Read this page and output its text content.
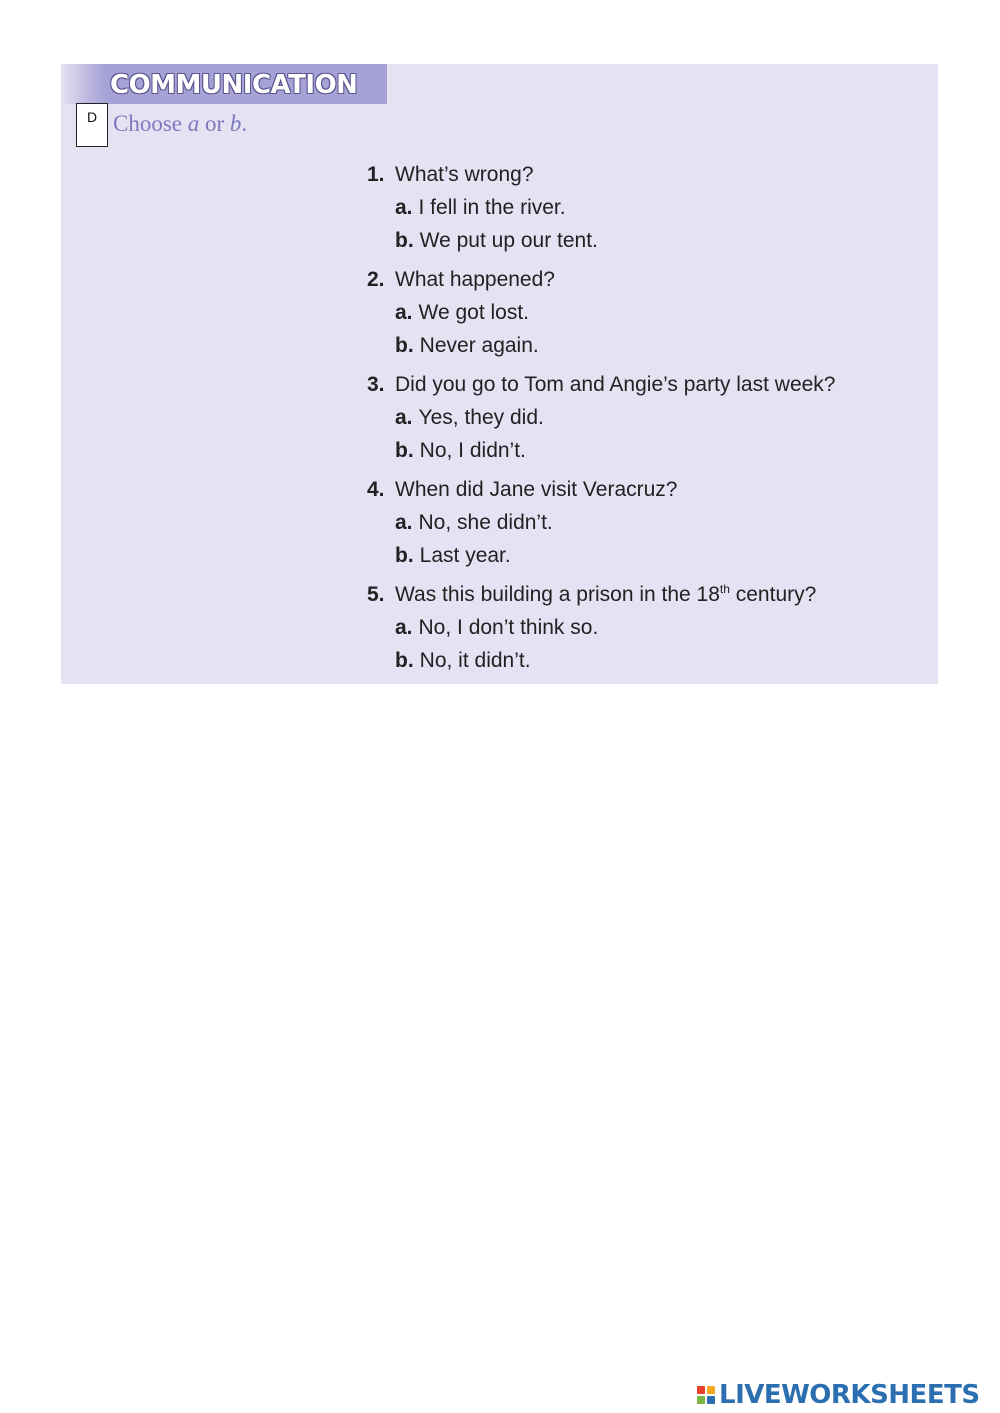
COMMUNICATION
D Choose a or b.
1. What’s wrong?
a. I fell in the river.
b. We put up our tent.
2. What happened?
a. We got lost.
b. Never again.
3. Did you go to Tom and Angie’s party last week?
a. Yes, they did.
b. No, I didn’t.
4. When did Jane visit Veracruz?
a. No, she didn’t.
b. Last year.
5. Was this building a prison in the 18th century?
a. No, I don’t think so.
b. No, it didn’t.
LIVEWORKSHEETS
